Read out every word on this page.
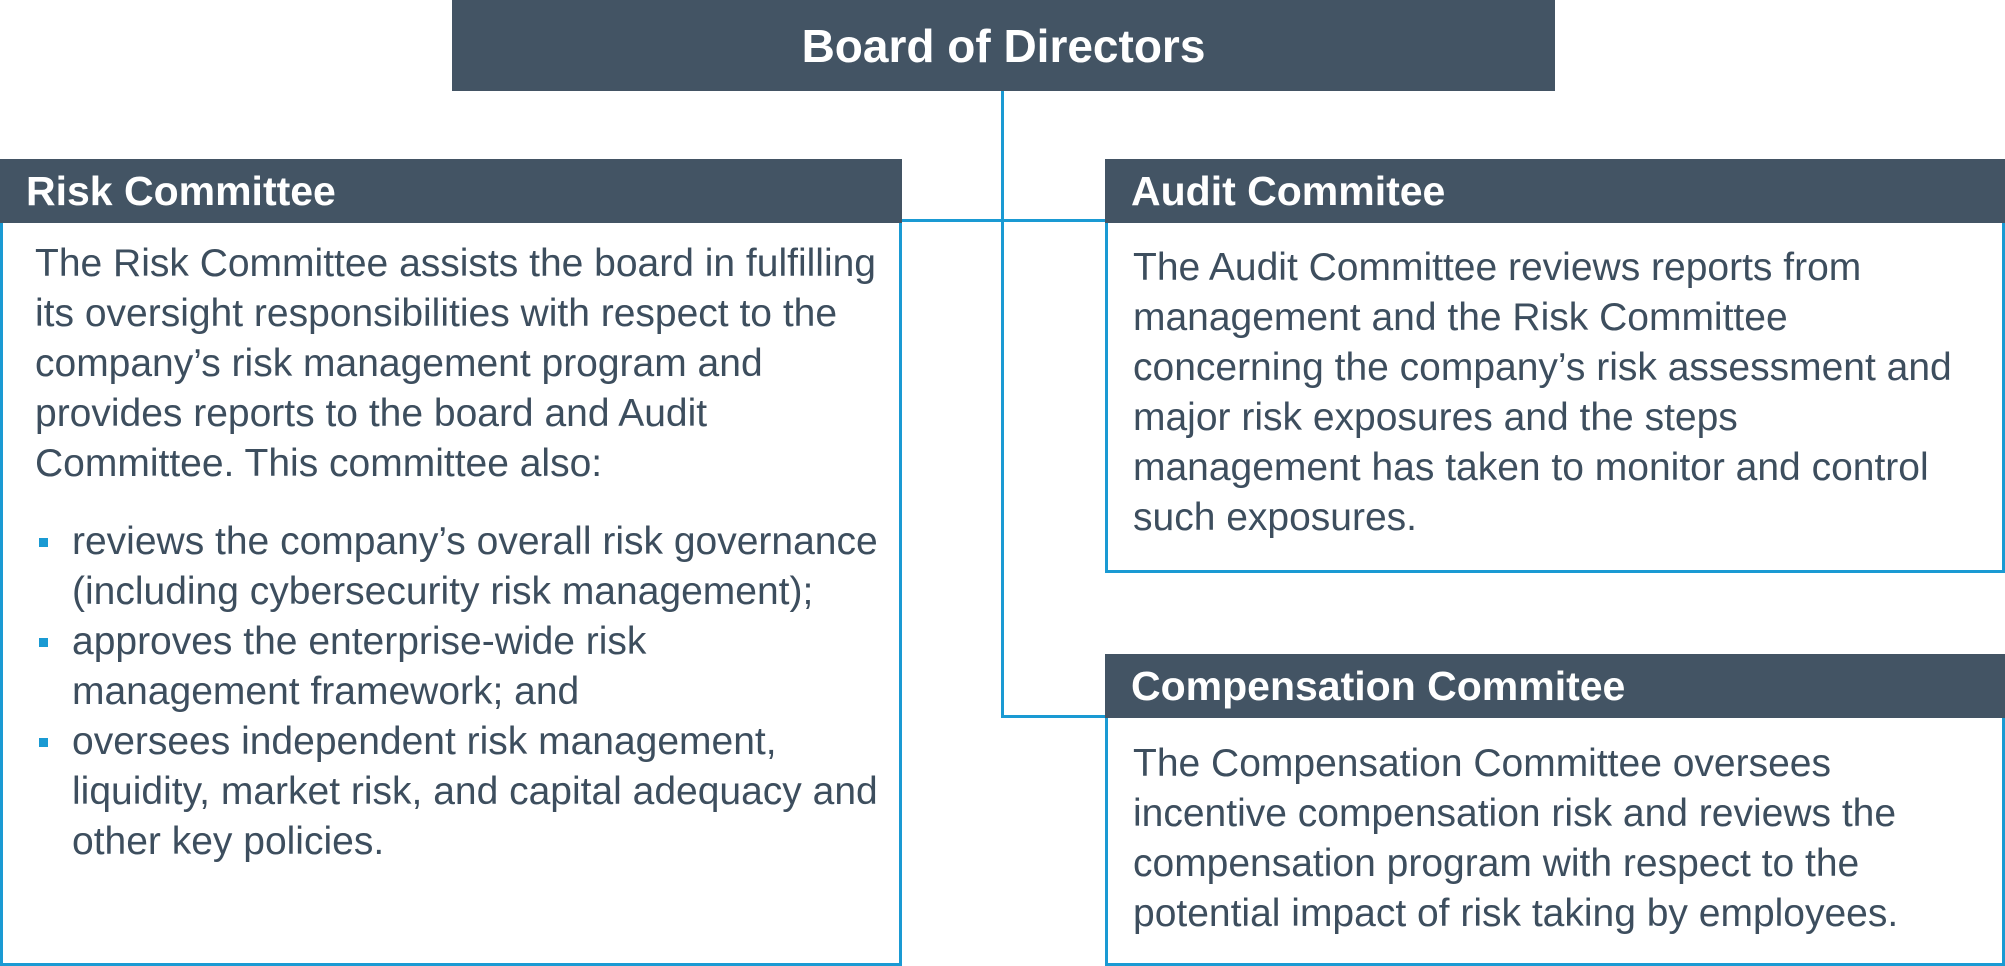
Board of Directors
Risk Committee

The Risk Committee assists the board in fulfilling its oversight responsibilities with respect to the company’s risk management program and provides reports to the board and Audit Committee. This committee also:

reviews the company’s overall risk governance (including cybersecurity risk management);
approves the enterprise-wide risk management framework; and
oversees independent risk management, liquidity, market risk, and capital adequacy and other key policies.
Audit Commitee

The Audit Committee reviews reports from management and the Risk Committee concerning the company’s risk assessment and major risk exposures and the steps management has taken to monitor and control such exposures.

Compensation Commitee

The Compensation Committee oversees incentive compensation risk and reviews the compensation program with respect to the potential impact of risk taking by employees.
